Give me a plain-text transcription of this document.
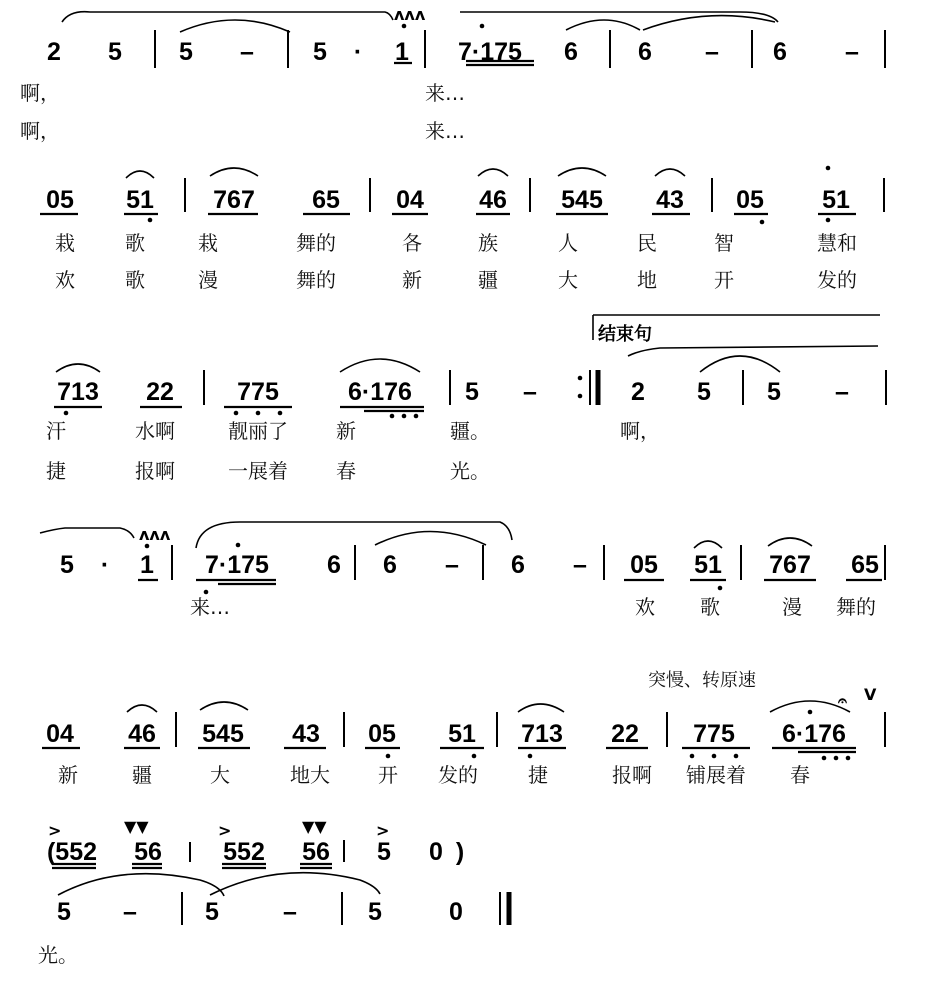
2 5 5 – 5 · 1 7·175 6 6 – 6 –
05 51 767 65 04 46 545 43 05 51
713 22	775	6·176 5 –	2 5 5 –
5 · 1 7·175 6 6 – 6 – 05 51 767 65
04 46 545 43 05 51 713 22 775 6·176
(552 56 552 56 5 0 )
5 –	5	–	5	0
啊，	来…
啊，	来…
栽	歌	栽	舞的	各	族	人	民	智	慧和
欢	歌	漫	舞的	新	疆	大	地	开	发的
汗	水啊	靓丽了 新	疆。	啊，
捷	报啊	一展着 春	光。
来…	欢 歌	漫 舞的
新	疆	大	地大 开 发的	捷	报啊 铺展着 春
光。
结束句
突慢、转原速
ᴧᴧᴧ
ᴧᴧᴧ
𝄐 V
>	▼▼	>	▼▼	>
